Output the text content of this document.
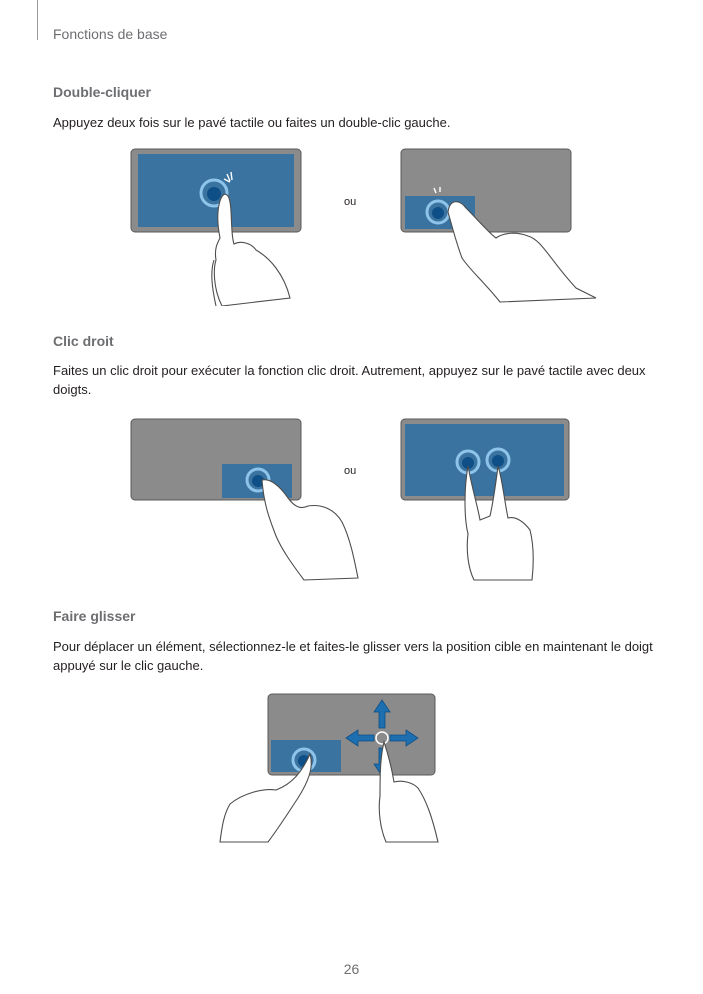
Fonctions de base
Double-cliquer
Appuyez deux fois sur le pavé tactile ou faites un double-clic gauche.
ou
Clic droit
Faites un clic droit pour exécuter la fonction clic droit. Autrement, appuyez sur le pavé tactile avec deux doigts.
ou
Faire glisser
Pour déplacer un élément, sélectionnez-le et faites-le glisser vers la position cible en maintenant le doigt appuyé sur le clic gauche.
26
